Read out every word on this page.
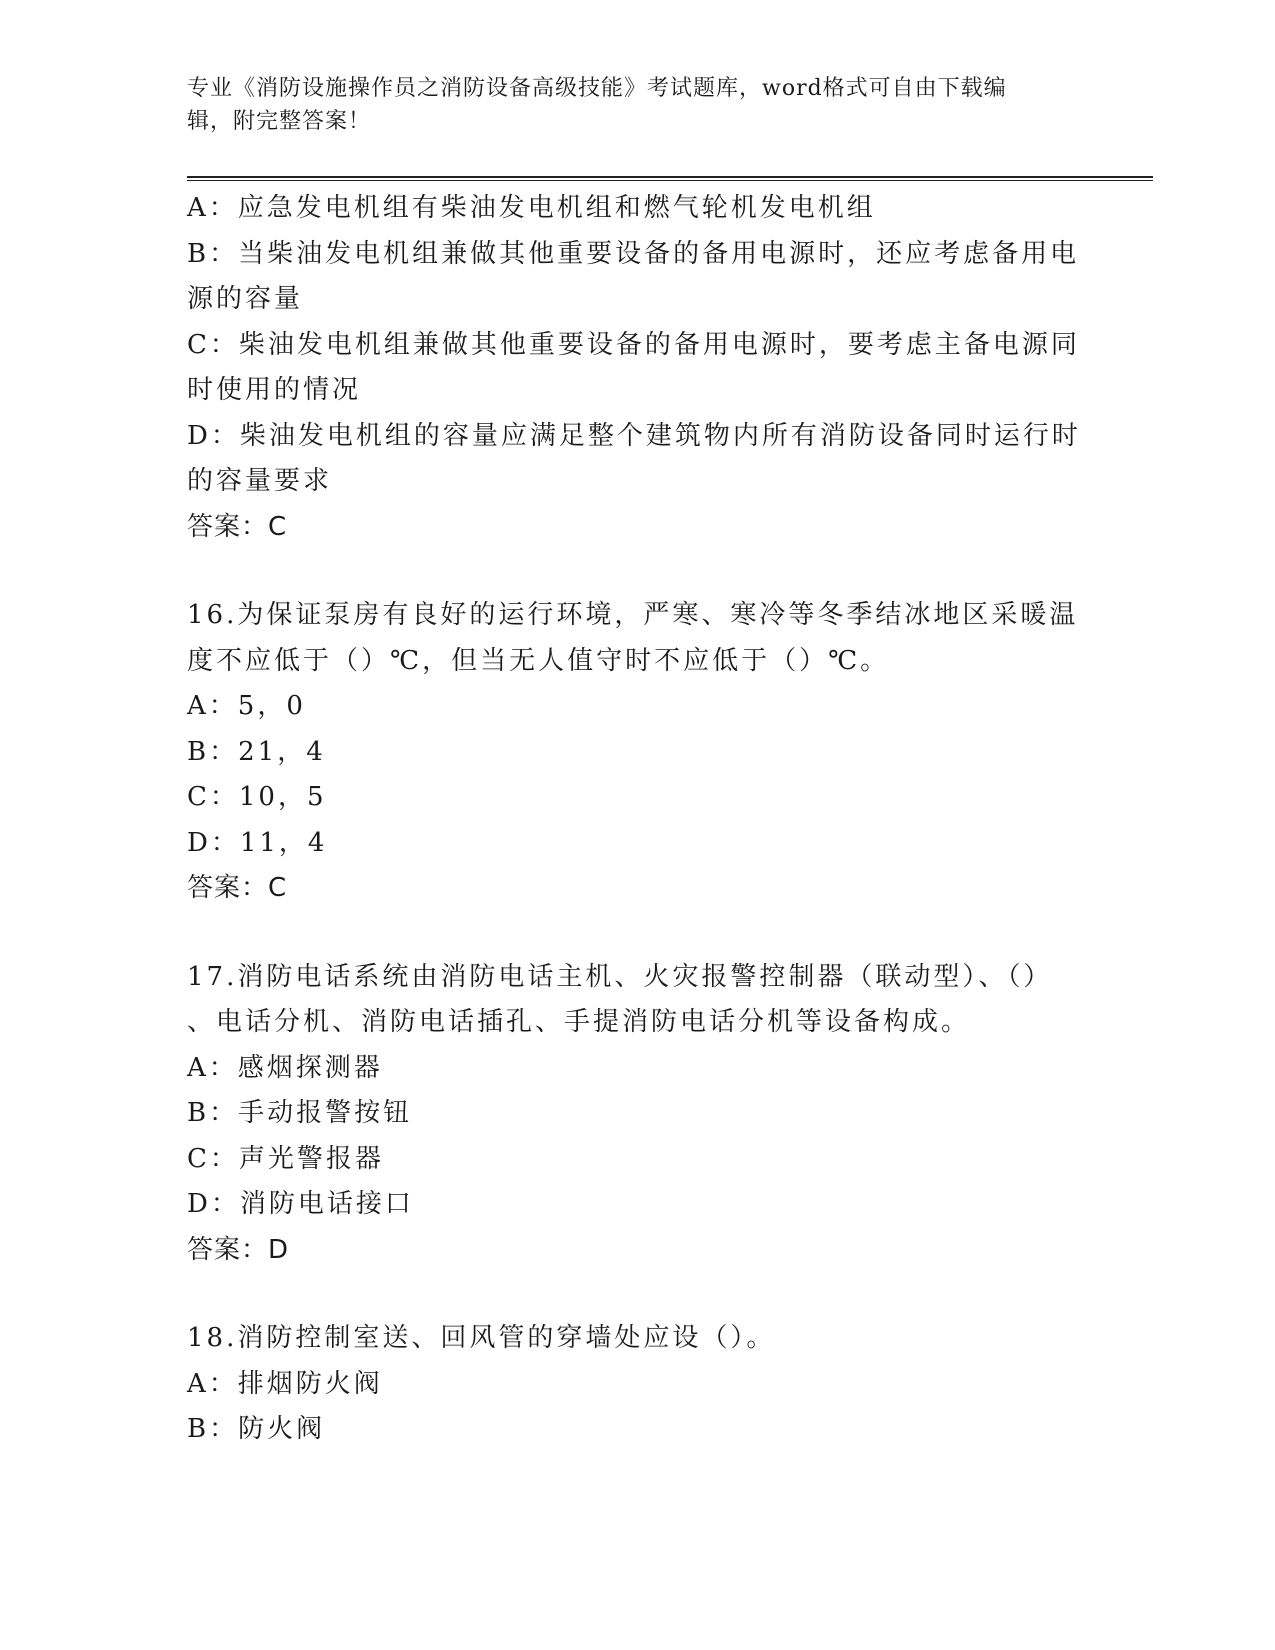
专业《消防设施操作员之消防设备高级技能》考试题库，word格式可自由下载编
辑，附完整答案！
A：应急发电机组有柴油发电机组和燃气轮机发电机组
B：当柴油发电机组兼做其他重要设备的备用电源时，还应考虑备用电
源的容量
C：柴油发电机组兼做其他重要设备的备用电源时，要考虑主备电源同
时使用的情况
D：柴油发电机组的容量应满足整个建筑物内所有消防设备同时运行时
的容量要求
答案：C
16.为保证泵房有良好的运行环境，严寒、寒冷等冬季结冰地区采暖温
度不应低于（）℃，但当无人值守时不应低于（）℃。
A：5，0
B：21，4
C：10，5
D：11，4
答案：C
17.消防电话系统由消防电话主机、火灾报警控制器（联动型）、（）
、电话分机、消防电话插孔、手提消防电话分机等设备构成。
A：感烟探测器
B：手动报警按钮
C：声光警报器
D：消防电话接口
答案：D
18.消防控制室送、回风管的穿墙处应设（）。
A：排烟防火阀
B：防火阀
